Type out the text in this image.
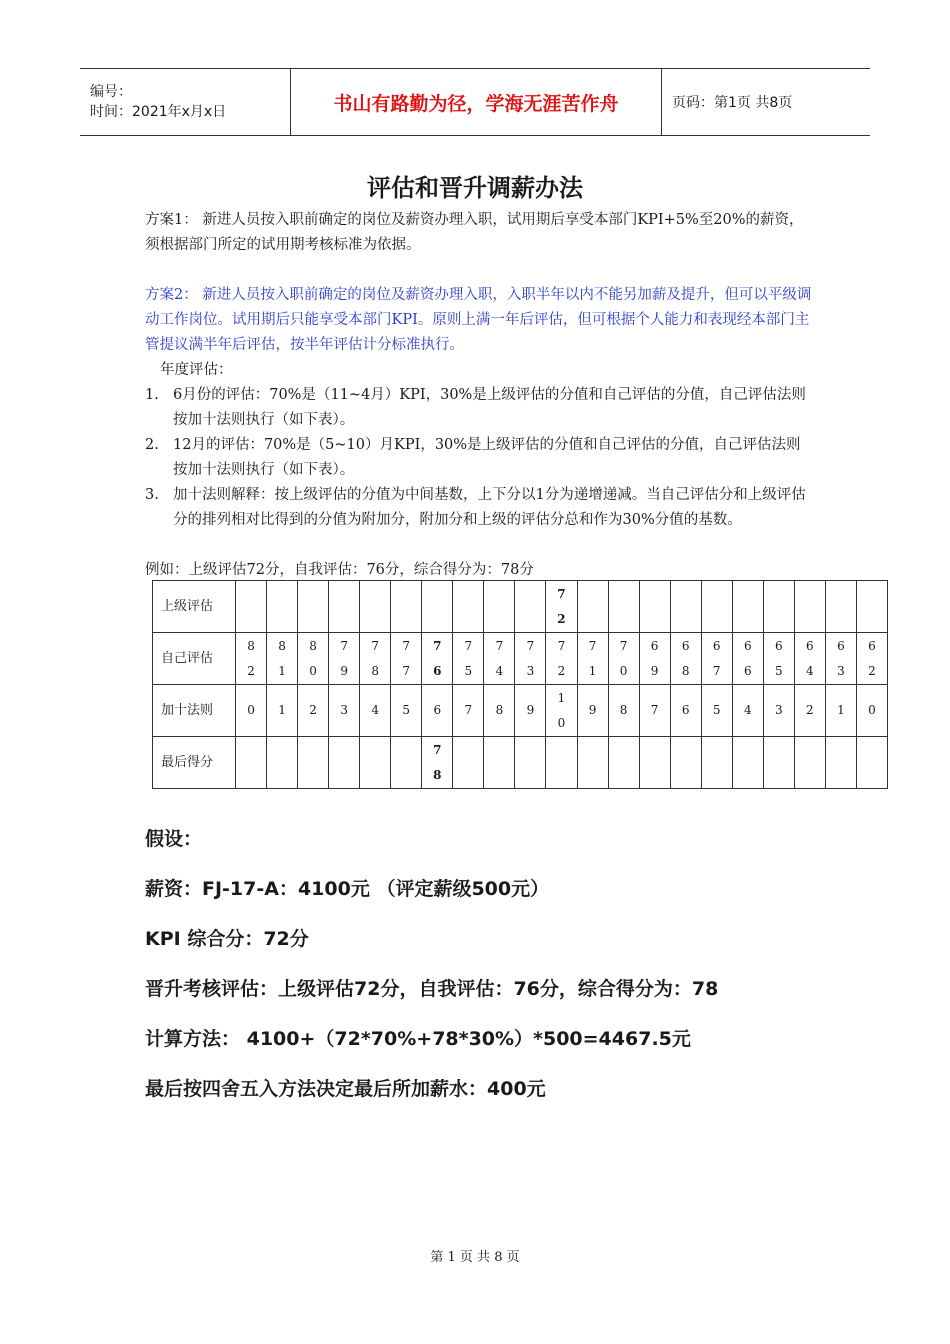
编号：
时间：2021年x月x日	书山有路勤为径，学海无涯苦作舟	页码：第1页 共8页
评估和晋升调薪办法
方案1： 新进人员按入职前确定的岗位及薪资办理入职，试用期后享受本部门KPI+5%至20%的薪资，须根据部门所定的试用期考核标准为依据。
方案2： 新进人员按入职前确定的岗位及薪资办理入职，入职半年以内不能另加薪及提升，但可以平级调动工作岗位。试用期后只能享受本部门KPI。原则上满一年后评估，但可根据个人能力和表现经本部门主管提议满半年后评估，按半年评估计分标准执行。
年度评估：
1. 6月份的评估：70%是（11~4月）KPI，30%是上级评估的分值和自己评估的分值，自己评估法则按加十法则执行（如下表）。
2. 12月的评估：70%是（5~10）月KPI，30%是上级评估的分值和自己评估的分值，自己评估法则按加十法则执行（如下表）。
3. 加十法则解释：按上级评估的分值为中间基数，上下分以1分为递增递减。当自己评估分和上级评估分的排列相对比得到的分值为附加分，附加分和上级的评估分总和作为30%分值的基数。
例如：上级评估72分，自我评估：76分，综合得分为：78分
上级评估											72										

自己评估	82	81	80	79	78	77	76	75	74	73	72	71	70	69	68	67	66	65	64	63	62

加十法则	0	1	2	3	4	5	6	7	8	9	10	9	8	7	6	5	4	3	2	1	0

最后得分							78														

假设：
薪资：FJ-17-A：4100元 （评定薪级500元）
KPI 综合分：72分
晋升考核评估：上级评估72分，自我评估：76分，综合得分为：78
计算方法： 4100+（72*70%+78*30%）*500=4467.5元
最后按四舍五入方法决定最后所加薪水：400元
第 1 页 共 8 页
